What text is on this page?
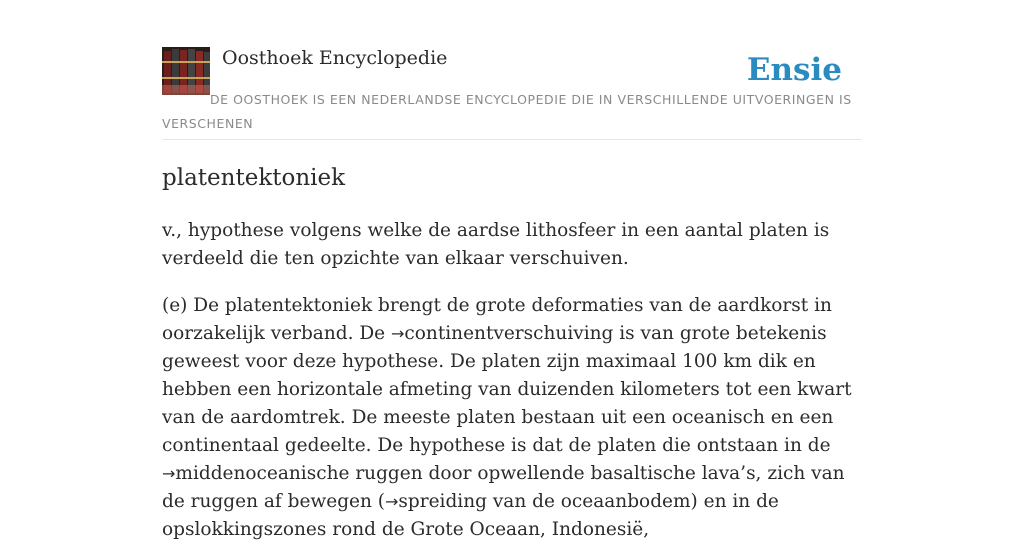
Oosthoek Encyclopedie	Ensie
DE OOSTHOEK IS EEN NEDERLANDSE ENCYCLOPEDIE DIE IN VERSCHILLENDE UITVOERINGEN IS VERSCHENEN
platentektoniek

v., hypothese volgens welke de aardse lithosfeer in een aantal platen is verdeeld die ten opzichte van elkaar verschuiven.

(e) De platentektoniek brengt de grote deformaties van de aardkorst in oorzakelijk verband. De →continentverschuiving is van grote betekenis geweest voor deze hypothese. De platen zijn maximaal 100 km dik en hebben een horizontale afmeting van duizenden kilometers tot een kwart van de aardomtrek. De meeste platen bestaan uit een oceanisch en een continentaal gedeelte. De hypothese is dat de platen die ontstaan in de →middenoceanische ruggen door opwellende basaltische lava’s, zich van de ruggen af bewegen (→spreiding van de oceaanbodem) en in de opslokkingszones rond de Grote Oceaan, Indonesië,
